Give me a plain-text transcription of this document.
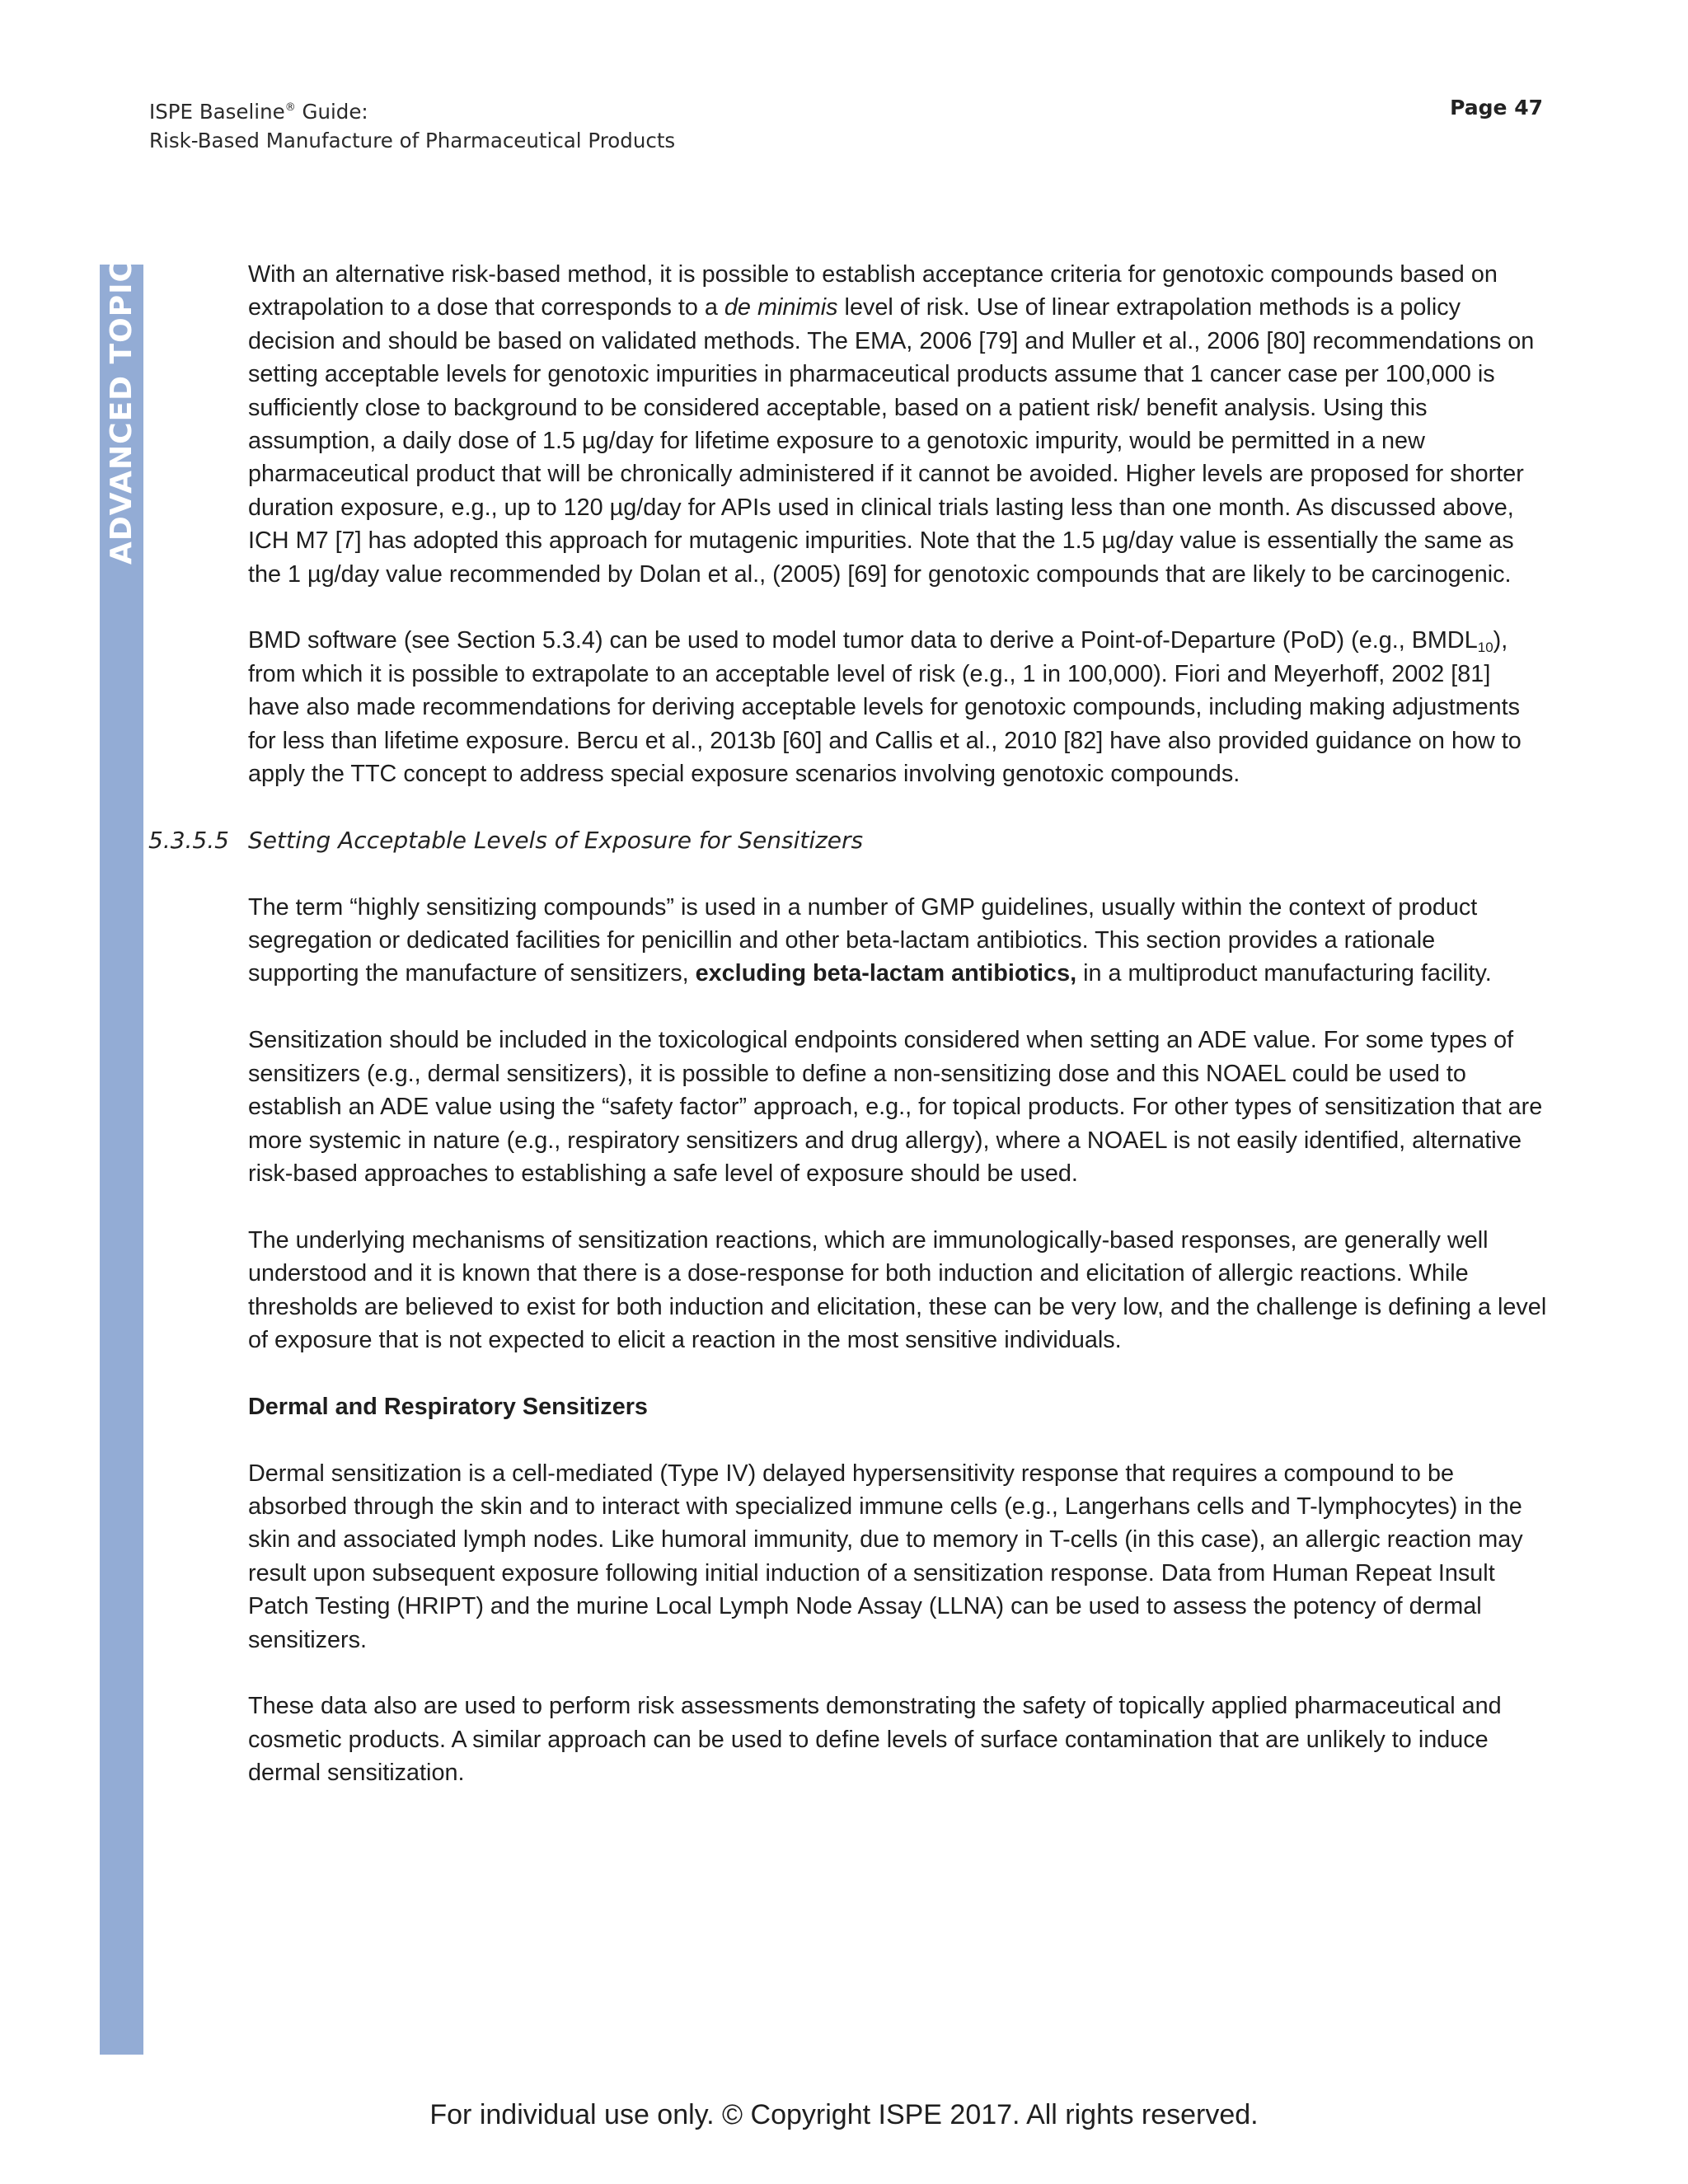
ISPE Baseline® Guide:
Risk-Based Manufacture of Pharmaceutical Products
Page 47
ADVANCED TOPIC	With an alternative risk-based method, it is possible to establish acceptance criteria for genotoxic compounds based on extrapolation to a dose that corresponds to a de minimis level of risk. Use of linear extrapolation methods is a policy decision and should be based on validated methods. The EMA, 2006 [79] and Muller et al., 2006 [80] recommendations on setting acceptable levels for genotoxic impurities in pharmaceutical products assume that 1 cancer case per 100,000 is sufficiently close to background to be considered acceptable, based on a patient risk/ benefit analysis. Using this assumption, a daily dose of 1.5 µg/day for lifetime exposure to a genotoxic impurity, would be permitted in a new pharmaceutical product that will be chronically administered if it cannot be avoided. Higher levels are proposed for shorter duration exposure, e.g., up to 120 µg/day for APIs used in clinical trials lasting less than one month. As discussed above, ICH M7 [7] has adopted this approach for mutagenic impurities. Note that the 1.5 µg/day value is essentially the same as the 1 µg/day value recommended by Dolan et al., (2005) [69] for genotoxic compounds that are likely to be carcinogenic.

BMD software (see Section 5.3.4) can be used to model tumor data to derive a Point-of-Departure (PoD) (e.g., $BMDL_{10}$), from which it is possible to extrapolate to an acceptable level of risk (e.g., 1 in 100,000). Fiori and Meyerhoff, 2002 [81] have also made recommendations for deriving acceptable levels for genotoxic compounds, including making adjustments for less than lifetime exposure. Bercu et al., 2013b [60] and Callis et al., 2010 [82] have also provided guidance on how to apply the TTC concept to address special exposure scenarios involving genotoxic compounds.

5.3.5.5 Setting Acceptable Levels of Exposure for Sensitizers

The term “highly sensitizing compounds” is used in a number of GMP guidelines, usually within the context of product segregation or dedicated facilities for penicillin and other beta-lactam antibiotics. This section provides a rationale supporting the manufacture of sensitizers, excluding beta-lactam antibiotics, in a multiproduct manufacturing facility.

Sensitization should be included in the toxicological endpoints considered when setting an ADE value. For some types of sensitizers (e.g., dermal sensitizers), it is possible to define a non-sensitizing dose and this NOAEL could be used to establish an ADE value using the “safety factor” approach, e.g., for topical products. For other types of sensitization that are more systemic in nature (e.g., respiratory sensitizers and drug allergy), where a NOAEL is not easily identified, alternative risk-based approaches to establishing a safe level of exposure should be used.

The underlying mechanisms of sensitization reactions, which are immunologically-based responses, are generally well understood and it is known that there is a dose-response for both induction and elicitation of allergic reactions. While thresholds are believed to exist for both induction and elicitation, these can be very low, and the challenge is defining a level of exposure that is not expected to elicit a reaction in the most sensitive individuals.

Dermal and Respiratory Sensitizers

Dermal sensitization is a cell-mediated (Type IV) delayed hypersensitivity response that requires a compound to be absorbed through the skin and to interact with specialized immune cells (e.g., Langerhans cells and T-lymphocytes) in the skin and associated lymph nodes. Like humoral immunity, due to memory in T-cells (in this case), an allergic reaction may result upon subsequent exposure following initial induction of a sensitization response. Data from Human Repeat Insult Patch Testing (HRIPT) and the murine Local Lymph Node Assay (LLNA) can be used to assess the potency of dermal sensitizers.

These data also are used to perform risk assessments demonstrating the safety of topically applied pharmaceutical and cosmetic products. A similar approach can be used to define levels of surface contamination that are unlikely to induce dermal sensitization.

For individual use only. © Copyright ISPE 2017. All rights reserved.
